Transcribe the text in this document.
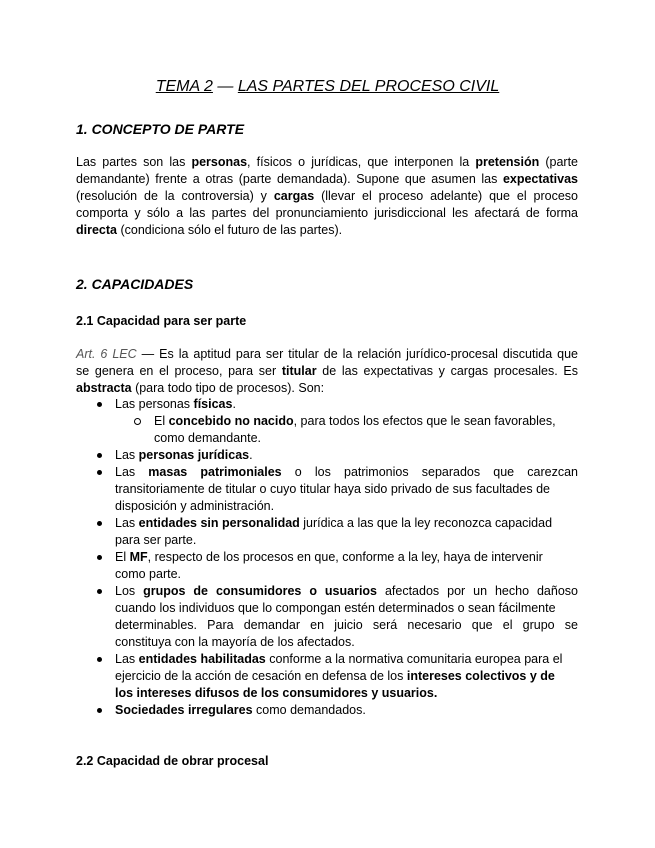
TEMA 2 — LAS PARTES DEL PROCESO CIVIL
1. CONCEPTO DE PARTE
Las partes son las personas, físicos o jurídicas, que interponen la pretensión (parte
demandante) frente a otras (parte demandada). Supone que asumen las expectativas
(resolución de la controversia) y cargas (llevar el proceso adelante) que el proceso
comporta y sólo a las partes del pronunciamiento jurisdiccional les afectará de forma
directa (condiciona sólo el futuro de las partes).
2. CAPACIDADES
2.1 Capacidad para ser parte
Art. 6 LEC — Es la aptitud para ser titular de la relación jurídico-procesal discutida que
se genera en el proceso, para ser titular de las expectativas y cargas procesales. Es
abstracta (para todo tipo de procesos). Son:
Las personas físicas.
El concebido no nacido, para todos los efectos que le sean favorables,
como demandante.
Las personas jurídicas.
Las masas patrimoniales o los patrimonios separados que carezcan
transitoriamente de titular o cuyo titular haya sido privado de sus facultades de
disposición y administración.
Las entidades sin personalidad jurídica a las que la ley reconozca capacidad
para ser parte.
El MF, respecto de los procesos en que, conforme a la ley, haya de intervenir
como parte.
Los grupos de consumidores o usuarios afectados por un hecho dañoso
cuando los individuos que lo compongan estén determinados o sean fácilmente
determinables. Para demandar en juicio será necesario que el grupo se
constituya con la mayoría de los afectados.
Las entidades habilitadas conforme a la normativa comunitaria europea para el
ejercicio de la acción de cesación en defensa de los intereses colectivos y de
los intereses difusos de los consumidores y usuarios.
Sociedades irregulares como demandados.
2.2 Capacidad de obrar procesal
